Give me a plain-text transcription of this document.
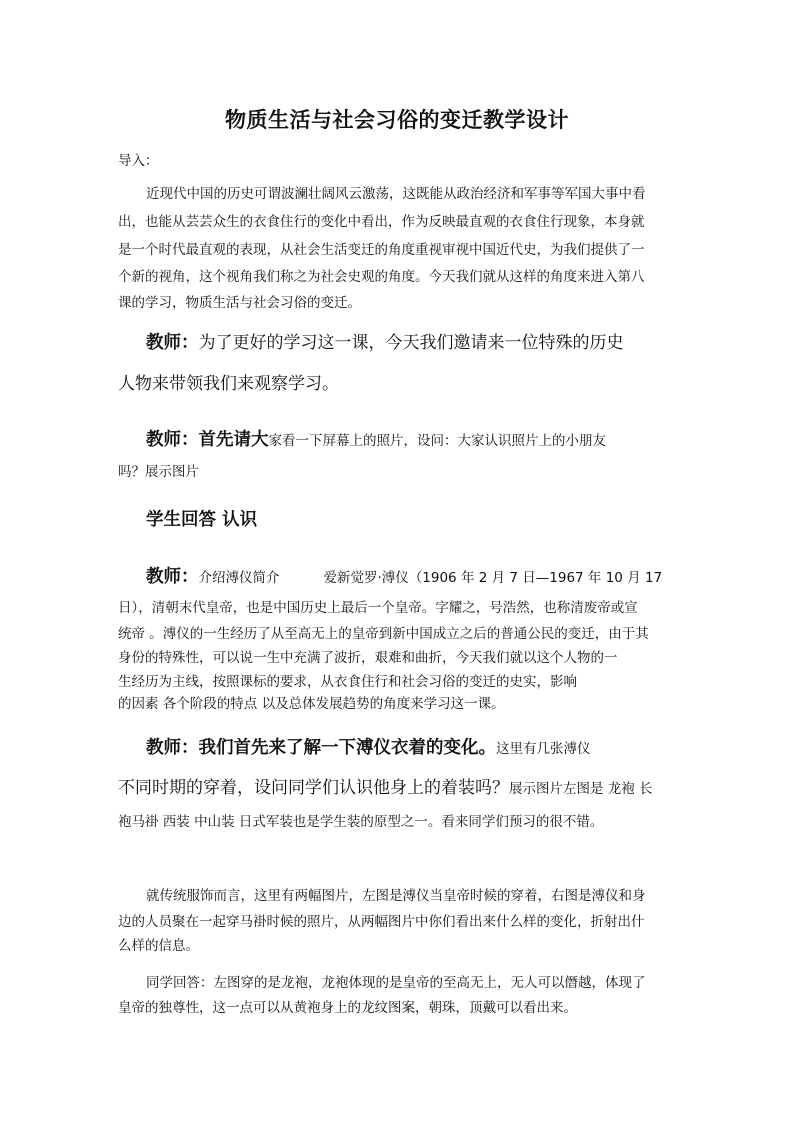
物质生活与社会习俗的变迁教学设计
导入：
近现代中国的历史可谓波澜壮阔风云激荡，这既能从政治经济和军事等军国大事中看
出，也能从芸芸众生的衣食住行的变化中看出，作为反映最直观的衣食住行现象，本身就
是一个时代最直观的表现，从社会生活变迁的角度重视审视中国近代史，为我们提供了一
个新的视角，这个视角我们称之为社会史观的角度。今天我们就从这样的角度来进入第八
课的学习，物质生活与社会习俗的变迁。
教师：为了更好的学习这一课，今天我们邀请来一位特殊的历史
人物来带领我们来观察学习。
教师：首先请大家看一下屏幕上的照片，设问：大家认识照片上的小朋友
吗？展示图片
学生回答 认识
教师：介绍溥仪简介	爱新觉罗·溥仪（1906 年 2 月 7 日—1967 年 10 月 17
日），清朝末代皇帝，也是中国历史上最后一个皇帝。字耀之，号浩然，也称清废帝或宣
统帝 。溥仪的一生经历了从至高无上的皇帝到新中国成立之后的普通公民的变迁，由于其
身份的特殊性，可以说一生中充满了波折，艰难和曲折，今天我们就以这个人物的一
生经历为主线，按照课标的要求，从衣食住行和社会习俗的变迁的史实，影响
的因素 各个阶段的特点 以及总体发展趋势的角度来学习这一课。
教师：我们首先来了解一下溥仪衣着的变化。这里有几张溥仪
不同时期的穿着，设问同学们认识他身上的着装吗？展示图片左图是 龙袍 长
袍马褂 西装 中山装 日式军装也是学生装的原型之一。看来同学们预习的很不错。
就传统服饰而言，这里有两幅图片，左图是溥仪当皇帝时候的穿着，右图是溥仪和身
边的人员聚在一起穿马褂时候的照片，从两幅图片中你们看出来什么样的变化，折射出什
么样的信息。
同学回答：左图穿的是龙袍，龙袍体现的是皇帝的至高无上，无人可以僭越，体现了
皇帝的独尊性，这一点可以从黄袍身上的龙纹图案，朝珠，顶戴可以看出来。
